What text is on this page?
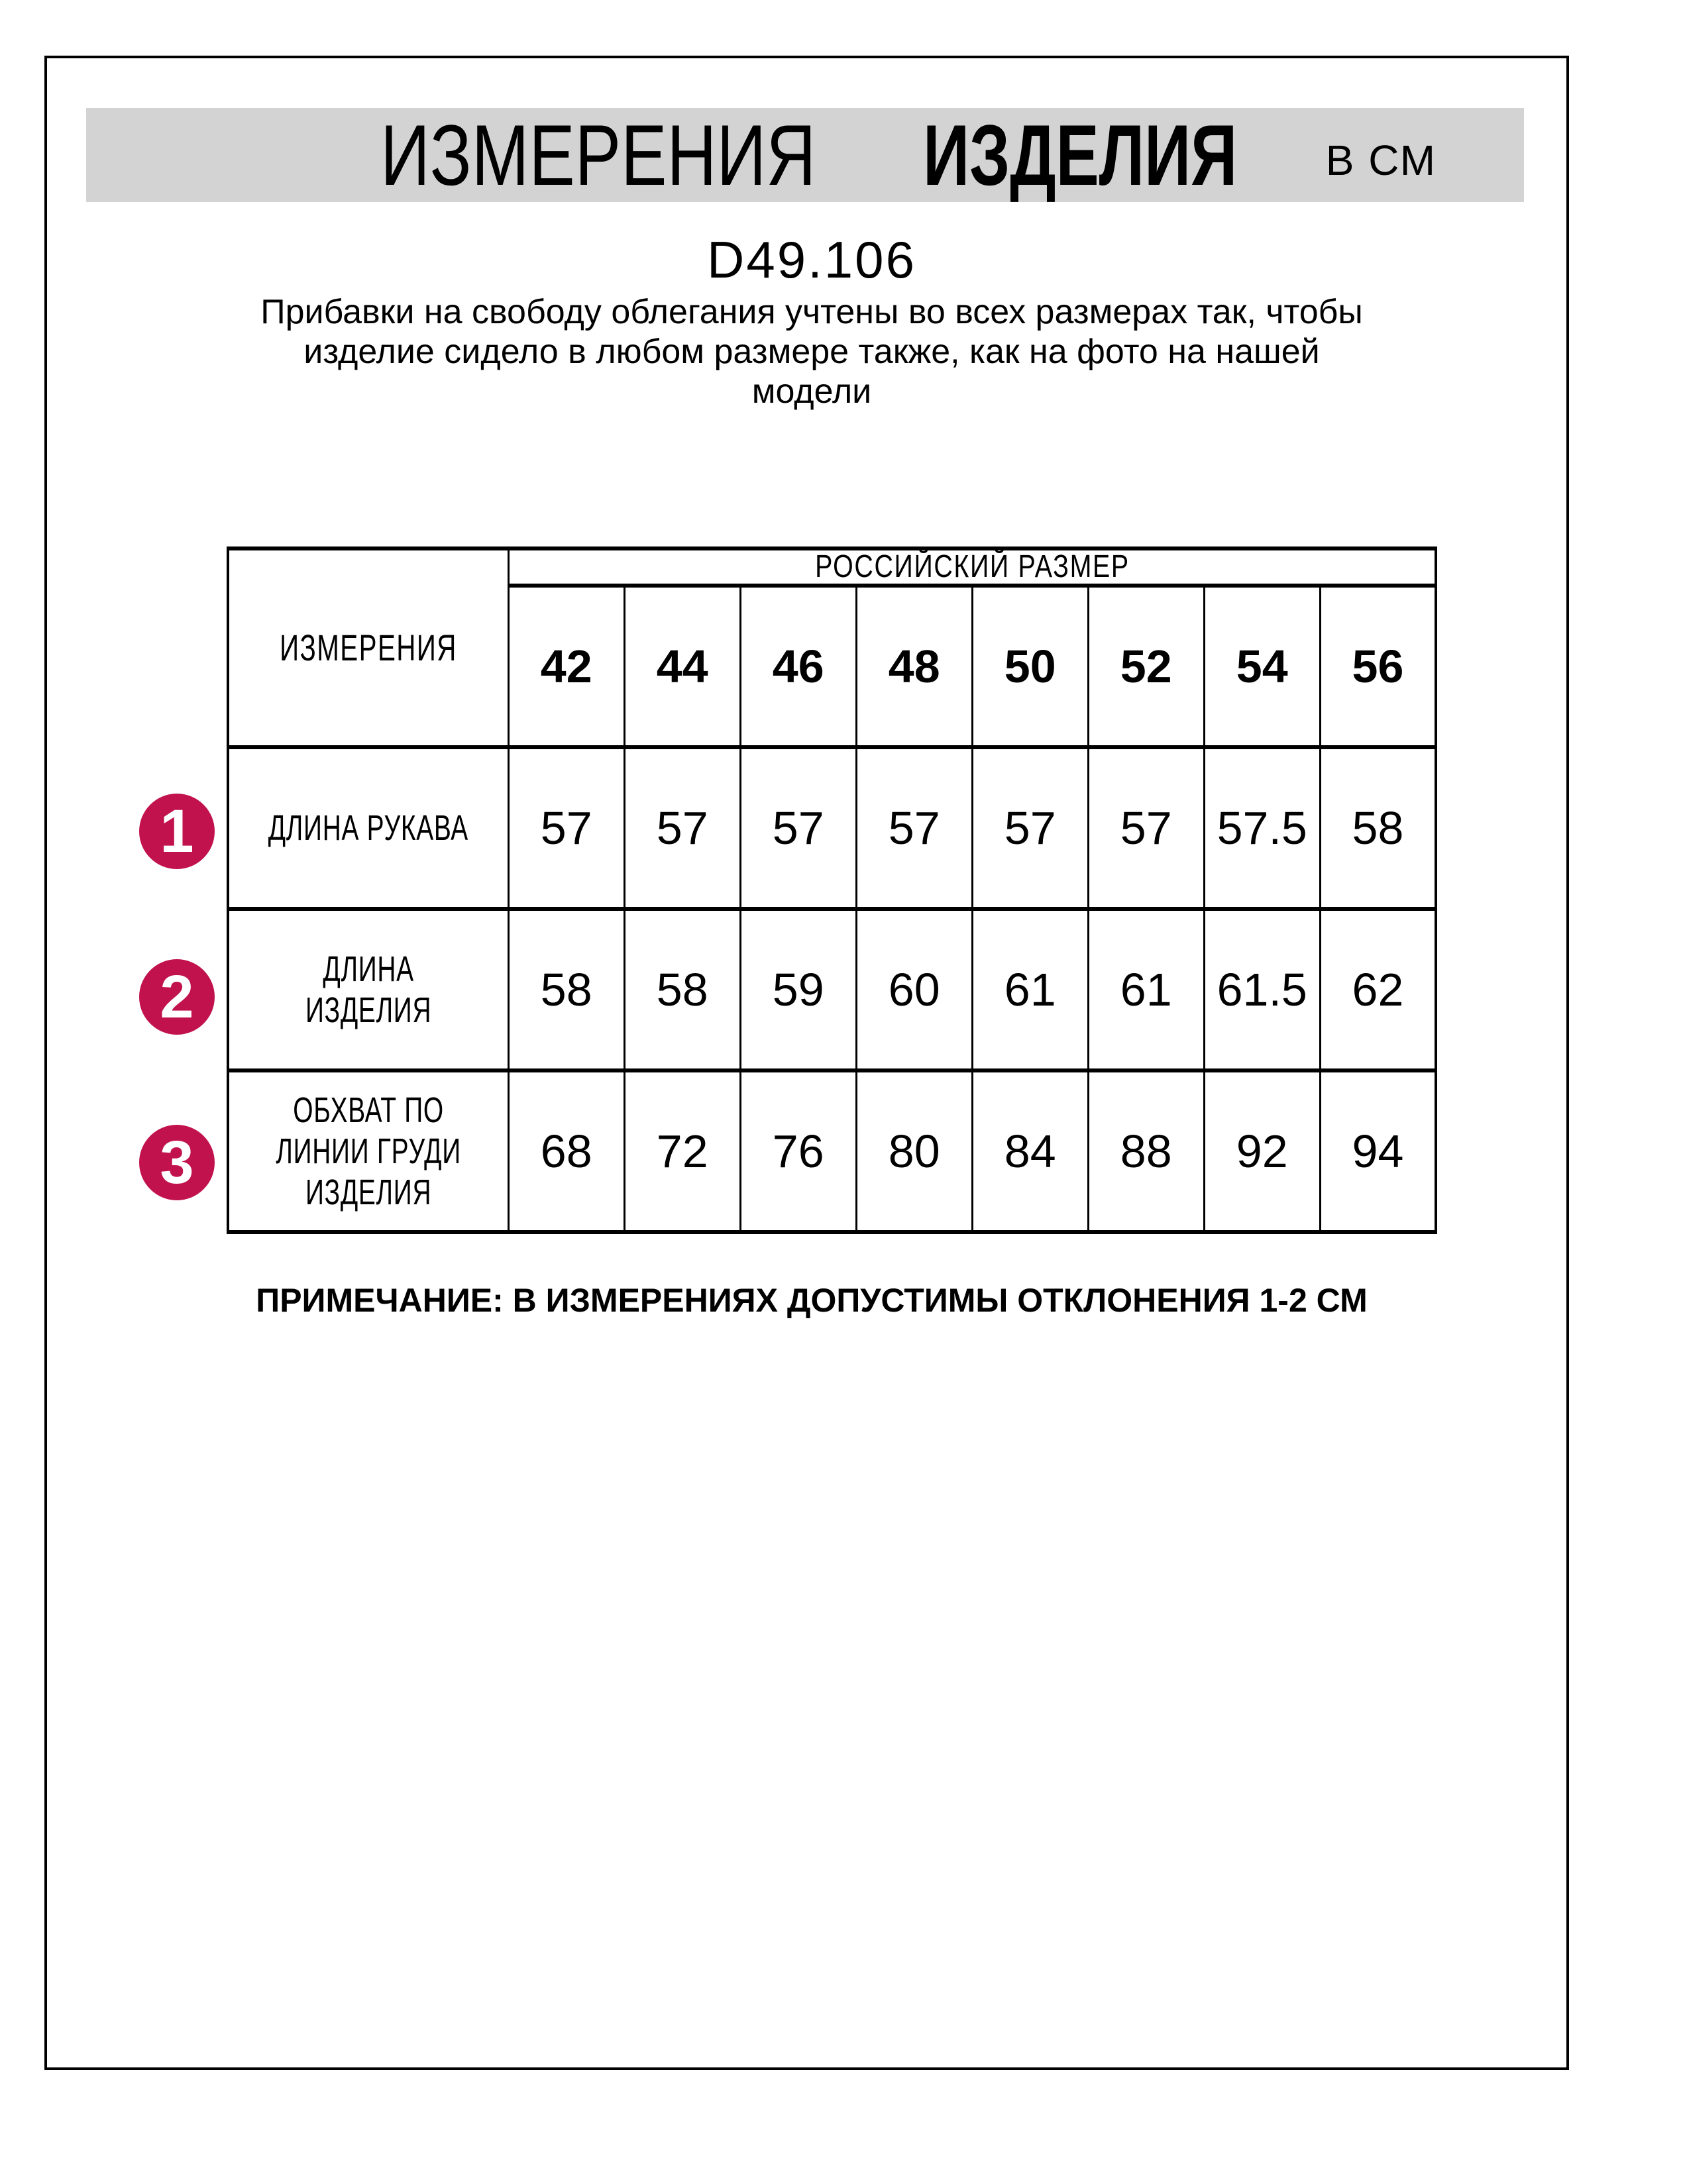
ИЗМЕРЕНИЯ ИЗДЕЛИЯ В СМ
D49.106
Прибавки на свободу облегания учтены во всех размерах так, чтобы
изделие сидело в любом размере также, как на фото на нашей
модели
ИЗМЕРЕНИЯ	РОССИЙСКИЙ РАЗМЕР							
	42	44	46	48	50	52	54	56

ДЛИНА РУКАВА	57	57	57	57	57	57	57.5	58

ДЛИНА
ИЗДЕЛИЯ	58	58	59	60	61	61	61.5	62

ОБХВАТ ПО
ЛИНИИ ГРУДИ
ИЗДЕЛИЯ	68	72	76	80	84	88	92	94
1
2
3
ПРИМЕЧАНИЕ: В ИЗМЕРЕНИЯХ ДОПУСТИМЫ ОТКЛОНЕНИЯ 1-2 СМ
